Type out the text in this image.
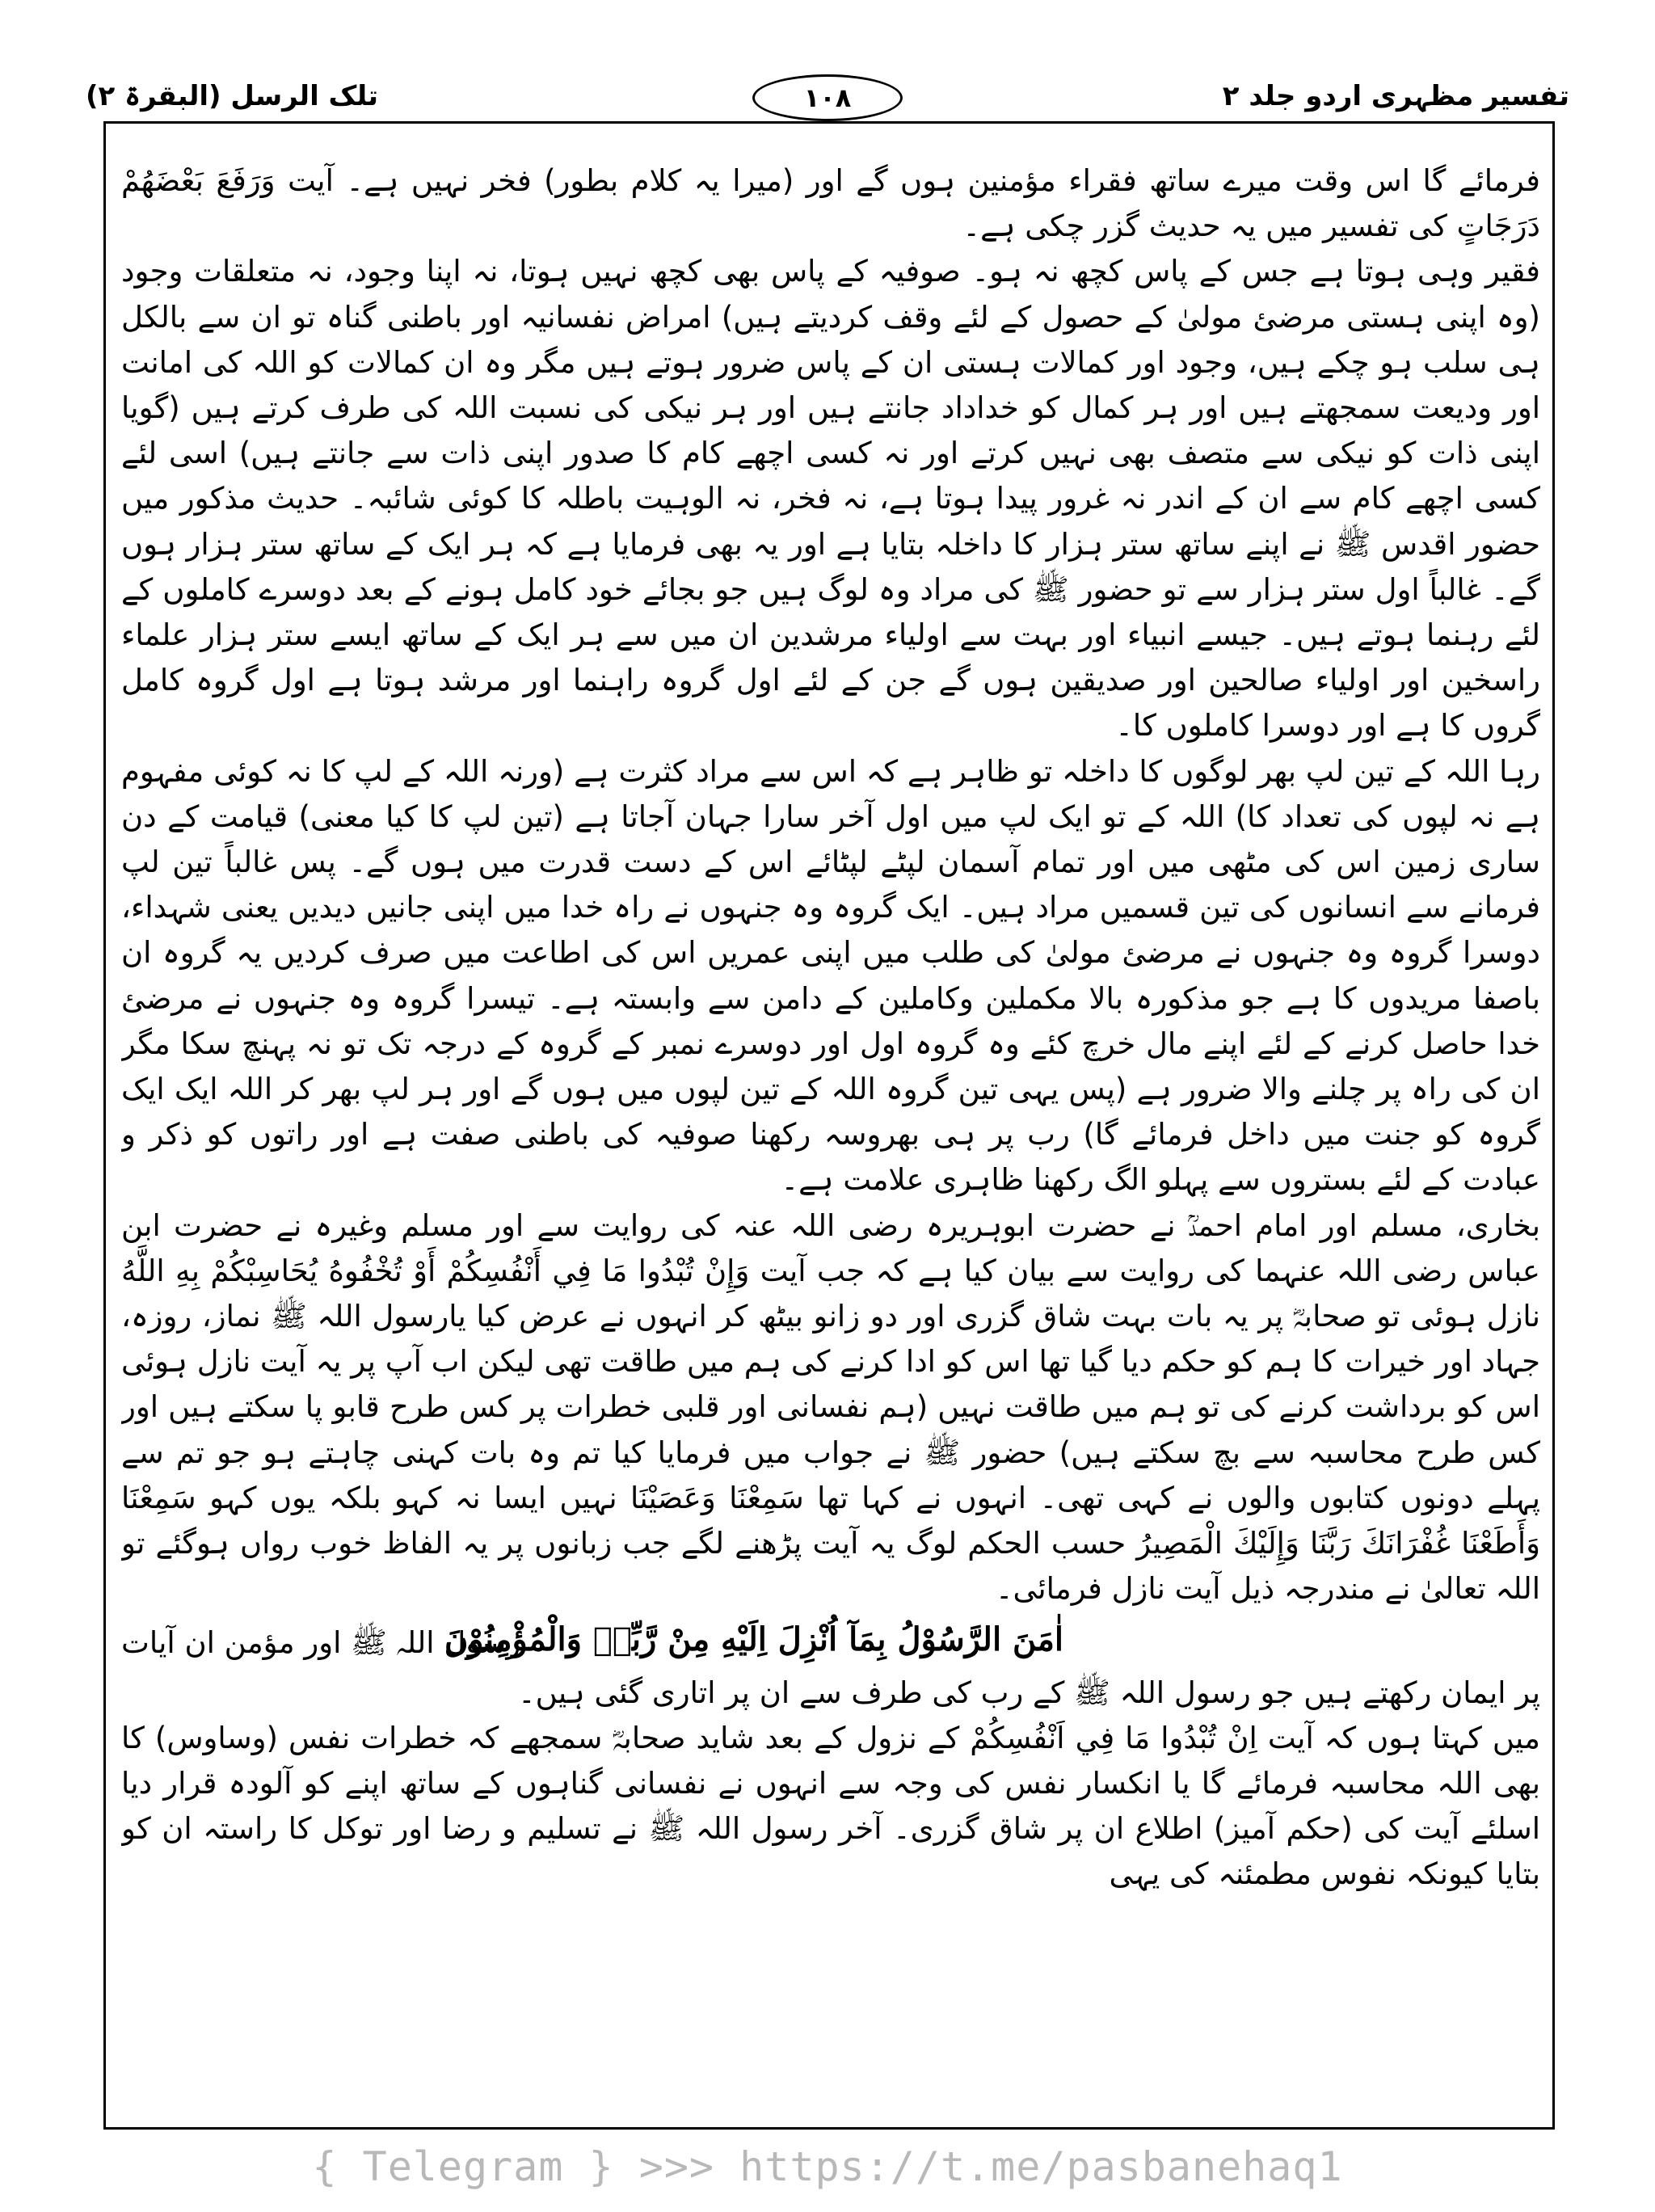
تفسیر مظہری اردو جلد ۲
۱۰۸
تلک الرسل (البقرۃ ۲)

فرمائے گا اس وقت میرے ساتھ فقراء مؤمنین ہوں گے اور (میرا یہ کلام بطور) فخر نہیں ہے۔ آیت وَرَفَعَ بَعْضَهُمْ دَرَجَاتٍ کی تفسیر میں یہ حدیث گزر چکی ہے۔

فقیر وہی ہوتا ہے جس کے پاس کچھ نہ ہو۔ صوفیہ کے پاس بھی کچھ نہیں ہوتا، نہ اپنا وجود، نہ متعلقات وجود (وہ اپنی ہستی مرضئ مولیٰ کے حصول کے لئے وقف کردیتے ہیں) امراض نفسانیہ اور باطنی گناہ تو ان سے بالکل ہی سلب ہو چکے ہیں، وجود اور کمالات ہستی ان کے پاس ضرور ہوتے ہیں مگر وہ ان کمالات کو اللہ کی امانت اور ودیعت سمجھتے ہیں اور ہر کمال کو خداداد جانتے ہیں اور ہر نیکی کی نسبت اللہ کی طرف کرتے ہیں (گویا اپنی ذات کو نیکی سے متصف بھی نہیں کرتے اور نہ کسی اچھے کام کا صدور اپنی ذات سے جانتے ہیں) اسی لئے کسی اچھے کام سے ان کے اندر نہ غرور پیدا ہوتا ہے، نہ فخر، نہ الوہیت باطلہ کا کوئی شائبہ۔ حدیث مذکور میں حضور اقدس ﷺ نے اپنے ساتھ ستر ہزار کا داخلہ بتایا ہے اور یہ بھی فرمایا ہے کہ ہر ایک کے ساتھ ستر ہزار ہوں گے۔ غالباً اول ستر ہزار سے تو حضور ﷺ کی مراد وہ لوگ ہیں جو بجائے خود کامل ہونے کے بعد دوسرے کاملوں کے لئے رہنما ہوتے ہیں۔ جیسے انبیاء اور بہت سے اولیاء مرشدین ان میں سے ہر ایک کے ساتھ ایسے ستر ہزار علماء راسخین اور اولیاء صالحین اور صدیقین ہوں گے جن کے لئے اول گروہ راہنما اور مرشد ہوتا ہے اول گروہ کامل گروں کا ہے اور دوسرا کاملوں کا۔

رہا اللہ کے تین لپ بھر لوگوں کا داخلہ تو ظاہر ہے کہ اس سے مراد کثرت ہے (ورنہ اللہ کے لپ کا نہ کوئی مفہوم ہے نہ لپوں کی تعداد کا) اللہ کے تو ایک لپ میں اول آخر سارا جہان آجاتا ہے (تین لپ کا کیا معنی) قیامت کے دن ساری زمین اس کی مٹھی میں اور تمام آسمان لپٹے لپٹائے اس کے دست قدرت میں ہوں گے۔ پس غالباً تین لپ فرمانے سے انسانوں کی تین قسمیں مراد ہیں۔ ایک گروہ وہ جنہوں نے راہ خدا میں اپنی جانیں دیدیں یعنی شہداء، دوسرا گروہ وہ جنہوں نے مرضئ مولیٰ کی طلب میں اپنی عمریں اس کی اطاعت میں صرف کردیں یہ گروہ ان باصفا مریدوں کا ہے جو مذکورہ بالا مکملین وکاملین کے دامن سے وابستہ ہے۔ تیسرا گروہ وہ جنہوں نے مرضئ خدا حاصل کرنے کے لئے اپنے مال خرچ کئے وہ گروہ اول اور دوسرے نمبر کے گروہ کے درجہ تک تو نہ پہنچ سکا مگر ان کی راہ پر چلنے والا ضرور ہے (پس یہی تین گروہ اللہ کے تین لپوں میں ہوں گے اور ہر لپ بھر کر اللہ ایک ایک گروہ کو جنت میں داخل فرمائے گا) رب پر ہی بھروسہ رکھنا صوفیہ کی باطنی صفت ہے اور راتوں کو ذکر و عبادت کے لئے بستروں سے پہلو الگ رکھنا ظاہری علامت ہے۔

بخاری، مسلم اور امام احمدؒ نے حضرت ابوہریرہ رضی اللہ عنہ کی روایت سے اور مسلم وغیرہ نے حضرت ابن عباس رضی اللہ عنہما کی روایت سے بیان کیا ہے کہ جب آیت وَإِنْ تُبْدُوا مَا فِي أَنْفُسِكُمْ أَوْ تُخْفُوهُ يُحَاسِبْكُمْ بِهِ اللَّهُ نازل ہوئی تو صحابہؓ پر یہ بات بہت شاق گزری اور دو زانو بیٹھ کر انہوں نے عرض کیا یارسول اللہ ﷺ نماز، روزہ، جہاد اور خیرات کا ہم کو حکم دیا گیا تھا اس کو ادا کرنے کی ہم میں طاقت تھی لیکن اب آپ پر یہ آیت نازل ہوئی اس کو برداشت کرنے کی تو ہم میں طاقت نہیں (ہم نفسانی اور قلبی خطرات پر کس طرح قابو پا سکتے ہیں اور کس طرح محاسبہ سے بچ سکتے ہیں) حضور ﷺ نے جواب میں فرمایا کیا تم وہ بات کہنی چاہتے ہو جو تم سے پہلے دونوں کتابوں والوں نے کہی تھی۔ انہوں نے کہا تھا سَمِعْنَا وَعَصَيْنَا نہیں ایسا نہ کہو بلکہ یوں کہو سَمِعْنَا وَأَطَعْنَا غُفْرَانَكَ رَبَّنَا وَإِلَيْكَ الْمَصِيرُ حسب الحکم لوگ یہ آیت پڑھنے لگے جب زبانوں پر یہ الفاظ خوب رواں ہوگئے تو اللہ تعالیٰ نے مندرجہ ذیل آیت نازل فرمائی۔

اٰمَنَ الرَّسُوْلُ بِمَآ اُنْزِلَ اِلَيْهِ مِنْ رَّبِّهٖ وَالْمُؤْمِنُوْنَ
رسول اللہ ﷺ اور مؤمن ان آیات

پر ایمان رکھتے ہیں جو رسول اللہ ﷺ کے رب کی طرف سے ان پر اتاری گئی ہیں۔

میں کہتا ہوں کہ آیت اِنْ تُبْدُوا مَا فِي اَنْفُسِكُمْ کے نزول کے بعد شاید صحابہؓ سمجھے کہ خطرات نفس (وساوس) کا بھی اللہ محاسبہ فرمائے گا یا انکسار نفس کی وجہ سے انہوں نے نفسانی گناہوں کے ساتھ اپنے کو آلودہ قرار دیا اسلئے آیت کی (حکم آمیز) اطلاع ان پر شاق گزری۔ آخر رسول اللہ ﷺ نے تسلیم و رضا اور توکل کا راستہ ان کو بتایا کیونکہ نفوس مطمئنہ کی یہی

{ Telegram } >>> https://t.me/pasbanehaq1
